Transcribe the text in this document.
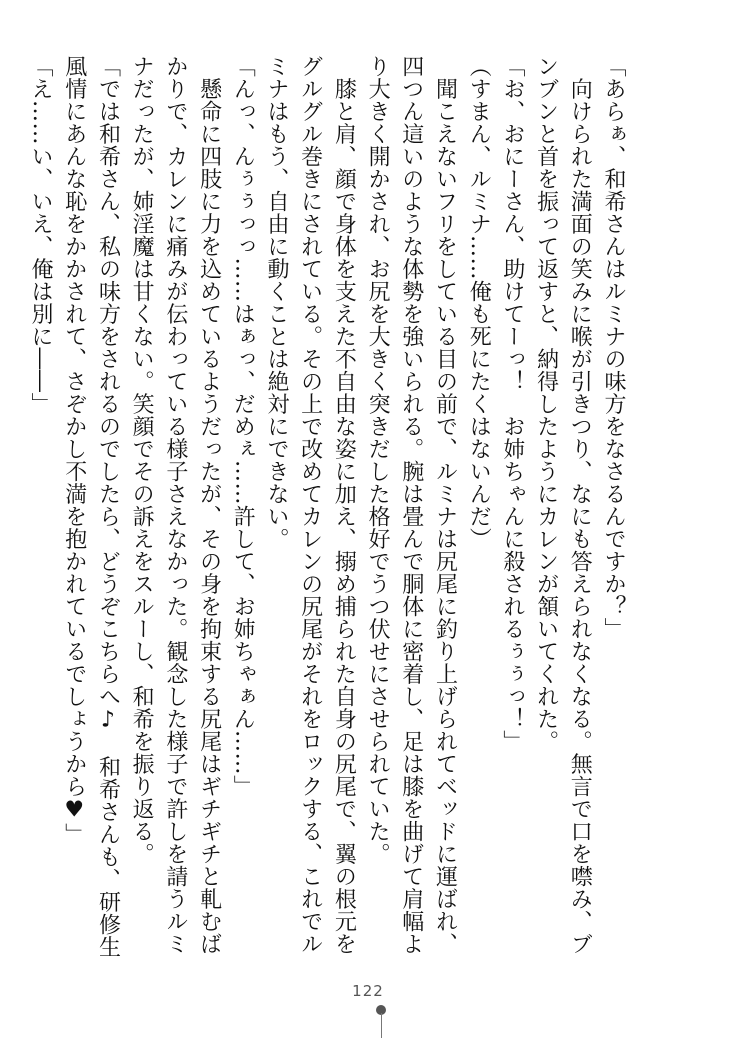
「あらぁ、和希さんはルミナの味方をなさるんですか？」

　向けられた満面の笑みに喉が引きつり、なにも答えられなくなる。無言で口を噤み、ブ

ンブンと首を振って返すと、納得したようにカレンが頷いてくれた。

「お、おにーさん、助けてーっ！　お姉ちゃんに殺されるぅぅっ！」

（すまん、ルミナ……俺も死にたくはないんだ）

　聞こえないフリをしている目の前で、ルミナは尻尾に釣り上げられてベッドに運ばれ、

四つん這いのような体勢を強いられる。腕は畳んで胴体に密着し、足は膝を曲げて肩幅よ

り大きく開かされ、お尻を大きく突きだした格好でうつ伏せにさせられていた。

　膝と肩、顔で身体を支えた不自由な姿に加え、搦め捕られた自身の尻尾で、翼の根元を

グルグル巻きにされている。その上で改めてカレンの尻尾がそれをロックする、これでル

ミナはもう、自由に動くことは絶対にできない。

「んっ、んぅぅっっ……はぁっ、だめぇ……許して、お姉ちゃぁん……」

　懸命に四肢に力を込めているようだったが、その身を拘束する尻尾はギチギチと軋むば

かりで、カレンに痛みが伝わっている様子さえなかった。観念した様子で許しを請うルミ

ナだったが、姉淫魔は甘くない。笑顔でその訴えをスルーし、和希を振り返る。

「では和希さん、私の味方をされるのでしたら、どうぞこちらへ♪　和希さんも、研修生

風情にあんな恥をかかされて、さぞかし不満を抱かれているでしょうから♥」

「え……い、いえ、俺は別に――」

122
